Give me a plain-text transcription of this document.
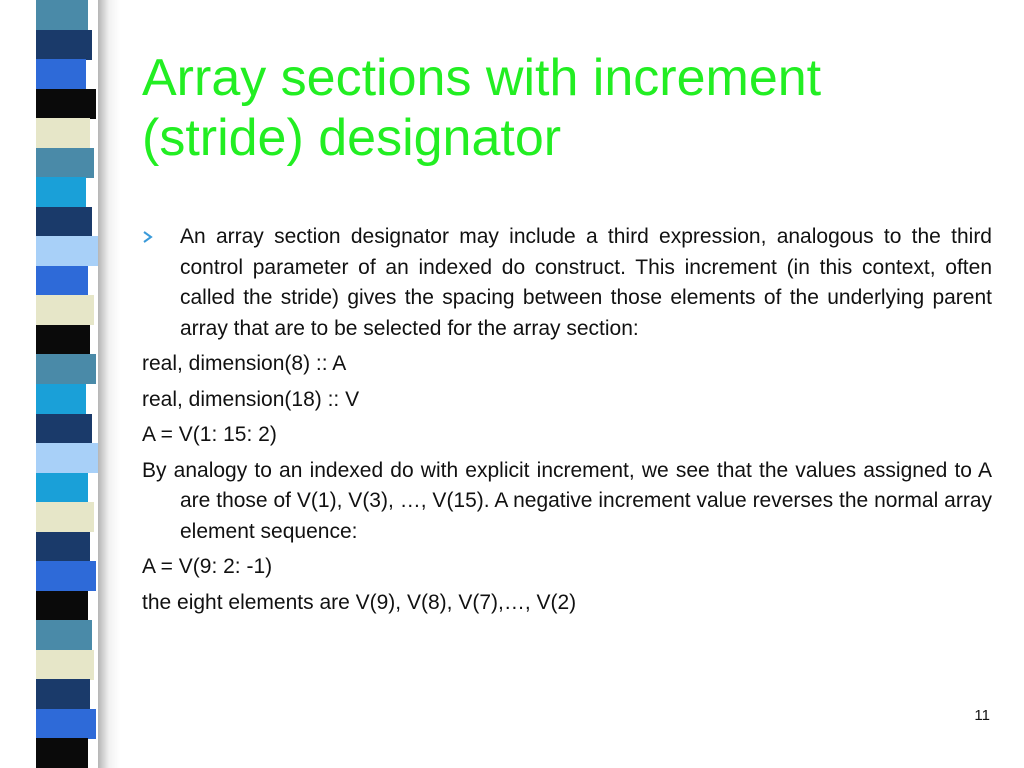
Array sections with increment
(stride) designator

An array section designator may include a third expression, analogous to the third control parameter of an indexed do construct. This increment (in this context, often called the stride) gives the spacing between those elements of the underlying parent array that are to be selected for the array section:

real, dimension(8) :: A

real, dimension(18) :: V

A = V(1: 15: 2)

By analogy to an indexed do with explicit increment, we see that the values assigned to A are those of V(1), V(3), …, V(15). A negative increment value reverses the normal array element sequence:

A = V(9: 2: -1)

the eight elements are V(9), V(8), V(7),…, V(2)

11
